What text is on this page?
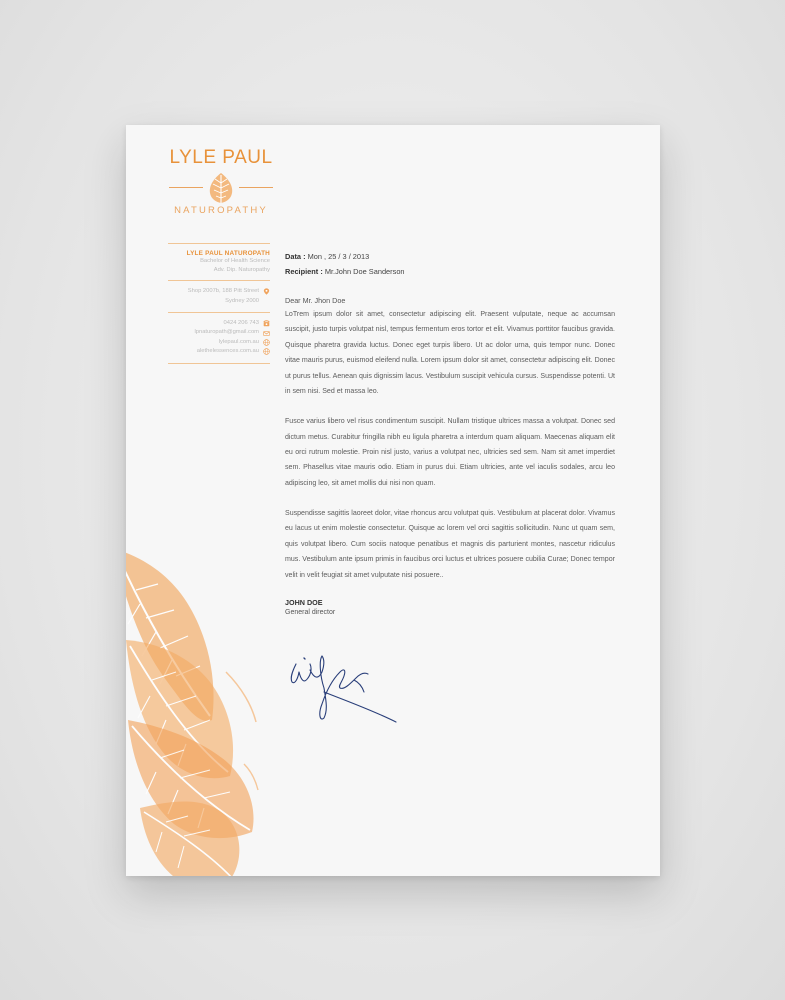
LYLE PAUL
NATUROPATHY
LYLE PAUL NATUROPATH
Bachelor of Health Science
Adv. Dip. Naturopathy
Shop 2007b, 188 Pitt Street
Sydney 2000
0424 206 743
lpnaturopath@gmail.com
lylepaul.com.au
alethelessences.com.au
Data : Mon , 25 / 3 / 2013
Recipient : Mr.John Doe Sanderson
Dear Mr. Jhon Doe

LoTrem ipsum dolor sit amet, consectetur adipiscing elit. Praesent vulputate, neque ac accumsan suscipit, justo turpis volutpat nisl, tempus fermentum eros tortor et elit. Vivamus porttitor faucibus gravida. Quisque pharetra gravida luctus. Donec eget turpis libero. Ut ac dolor urna, quis tempor nunc. Donec vitae mauris purus, euismod eleifend nulla. Lorem ipsum dolor sit amet, consectetur adipiscing elit. Donec ut purus tellus. Aenean quis dignissim lacus. Vestibulum suscipit vehicula cursus. Suspendisse potenti. Ut in sem nisi. Sed et massa leo.

Fusce varius libero vel risus condimentum suscipit. Nullam tristique ultrices massa a volutpat. Donec sed dictum metus. Curabitur fringilla nibh eu ligula pharetra a interdum quam aliquam. Maecenas aliquam elit eu orci rutrum molestie. Proin nisl justo, varius a volutpat nec, ultricies sed sem. Nam sit amet imperdiet sem. Phasellus vitae mauris odio. Etiam in purus dui. Etiam ultricies, ante vel iaculis sodales, arcu leo adipiscing leo, sit amet mollis dui nisi non quam.

Suspendisse sagittis laoreet dolor, vitae rhoncus arcu volutpat quis. Vestibulum at placerat dolor. Vivamus eu lacus ut enim molestie consectetur. Quisque ac lorem vel orci sagittis sollicitudin. Nunc ut quam sem, quis volutpat libero. Cum sociis natoque penatibus et magnis dis parturient montes, nascetur ridiculus mus. Vestibulum ante ipsum primis in faucibus orci luctus et ultrices posuere cubilia Curae; Donec tempor velit in velit feugiat sit amet vulputate nisi posuere..

JOHN DOE
General director
